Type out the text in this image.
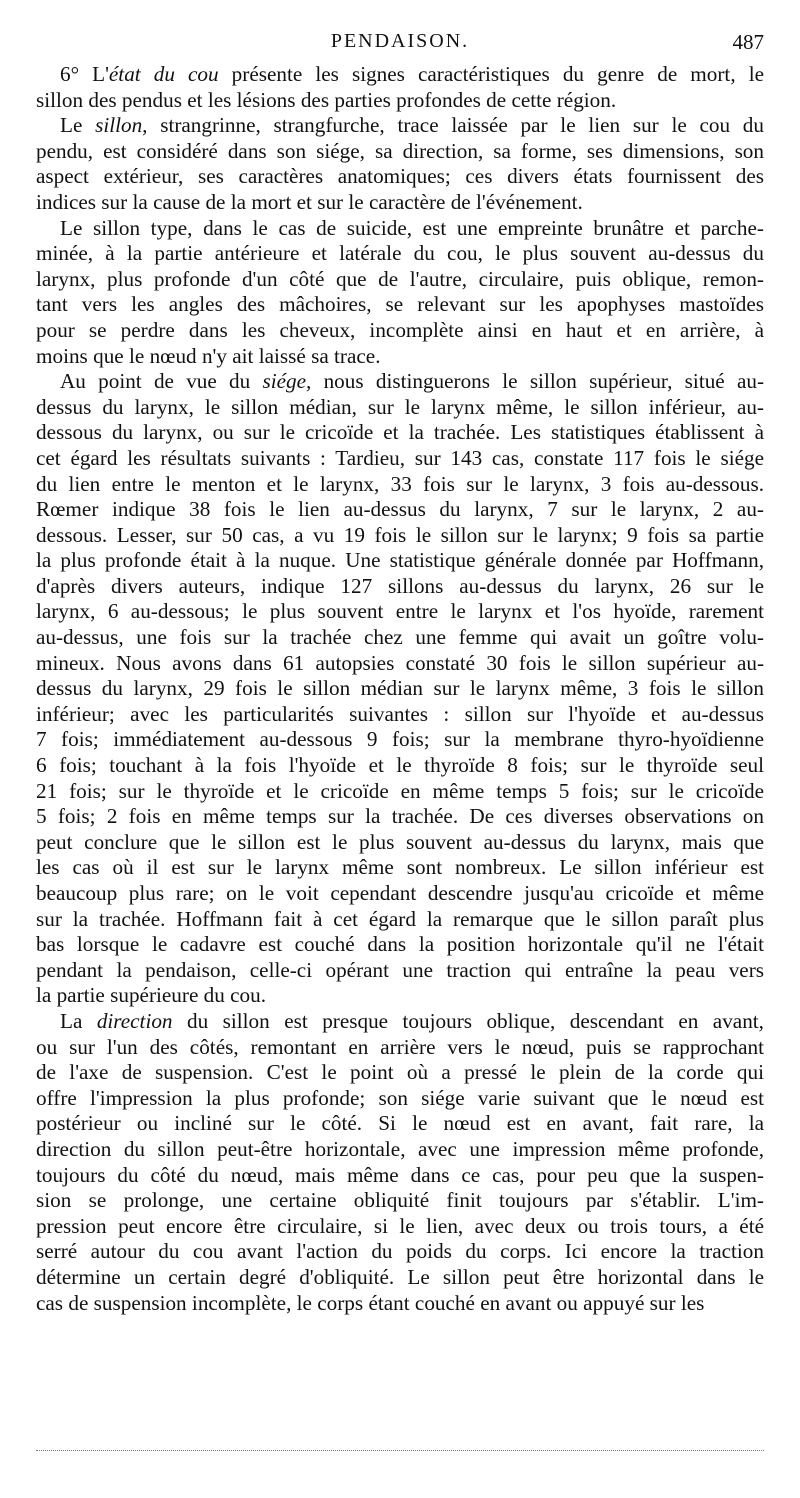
PENDAISON.	487

6° L'état du cou présente les signes caractéristiques du genre de mort, le
sillon des pendus et les lésions des parties profondes de cette région.

Le sillon, strangrinne, strangfurche, trace laissée par le lien sur le cou du
pendu, est considéré dans son siége, sa direction, sa forme, ses dimensions, son
aspect extérieur, ses caractères anatomiques; ces divers états fournissent des
indices sur la cause de la mort et sur le caractère de l'événement.

Le sillon type, dans le cas de suicide, est une empreinte brunâtre et parche-
minée, à la partie antérieure et latérale du cou, le plus souvent au-dessus du
larynx, plus profonde d'un côté que de l'autre, circulaire, puis oblique, remon-
tant vers les angles des mâchoires, se relevant sur les apophyses mastoïdes
pour se perdre dans les cheveux, incomplète ainsi en haut et en arrière, à
moins que le nœud n'y ait laissé sa trace.

Au point de vue du siége, nous distinguerons le sillon supérieur, situé au-
dessus du larynx, le sillon médian, sur le larynx même, le sillon inférieur, au-
dessous du larynx, ou sur le cricoïde et la trachée. Les statistiques établissent à
cet égard les résultats suivants : Tardieu, sur 143 cas, constate 117 fois le siége
du lien entre le menton et le larynx, 33 fois sur le larynx, 3 fois au-dessous.
Rœmer indique 38 fois le lien au-dessus du larynx, 7 sur le larynx, 2 au-
dessous. Lesser, sur 50 cas, a vu 19 fois le sillon sur le larynx; 9 fois sa partie
la plus profonde était à la nuque. Une statistique générale donnée par Hoffmann,
d'après divers auteurs, indique 127 sillons au-dessus du larynx, 26 sur le
larynx, 6 au-dessous; le plus souvent entre le larynx et l'os hyoïde, rarement
au-dessus, une fois sur la trachée chez une femme qui avait un goître volu-
mineux. Nous avons dans 61 autopsies constaté 30 fois le sillon supérieur au-
dessus du larynx, 29 fois le sillon médian sur le larynx même, 3 fois le sillon
inférieur; avec les particularités suivantes : sillon sur l'hyoïde et au-dessus
7 fois; immédiatement au-dessous 9 fois; sur la membrane thyro-hyoïdienne
6 fois; touchant à la fois l'hyoïde et le thyroïde 8 fois; sur le thyroïde seul
21 fois; sur le thyroïde et le cricoïde en même temps 5 fois; sur le cricoïde
5 fois; 2 fois en même temps sur la trachée. De ces diverses observations on
peut conclure que le sillon est le plus souvent au-dessus du larynx, mais que
les cas où il est sur le larynx même sont nombreux. Le sillon inférieur est
beaucoup plus rare; on le voit cependant descendre jusqu'au cricoïde et même
sur la trachée. Hoffmann fait à cet égard la remarque que le sillon paraît plus
bas lorsque le cadavre est couché dans la position horizontale qu'il ne l'était
pendant la pendaison, celle-ci opérant une traction qui entraîne la peau vers
la partie supérieure du cou.

La direction du sillon est presque toujours oblique, descendant en avant,
ou sur l'un des côtés, remontant en arrière vers le nœud, puis se rapprochant
de l'axe de suspension. C'est le point où a pressé le plein de la corde qui
offre l'impression la plus profonde; son siége varie suivant que le nœud est
postérieur ou incliné sur le côté. Si le nœud est en avant, fait rare, la
direction du sillon peut-être horizontale, avec une impression même profonde,
toujours du côté du nœud, mais même dans ce cas, pour peu que la suspen-
sion se prolonge, une certaine obliquité finit toujours par s'établir. L'im-
pression peut encore être circulaire, si le lien, avec deux ou trois tours, a été
serré autour du cou avant l'action du poids du corps. Ici encore la traction
détermine un certain degré d'obliquité. Le sillon peut être horizontal dans le
cas de suspension incomplète, le corps étant couché en avant ou appuyé sur les
